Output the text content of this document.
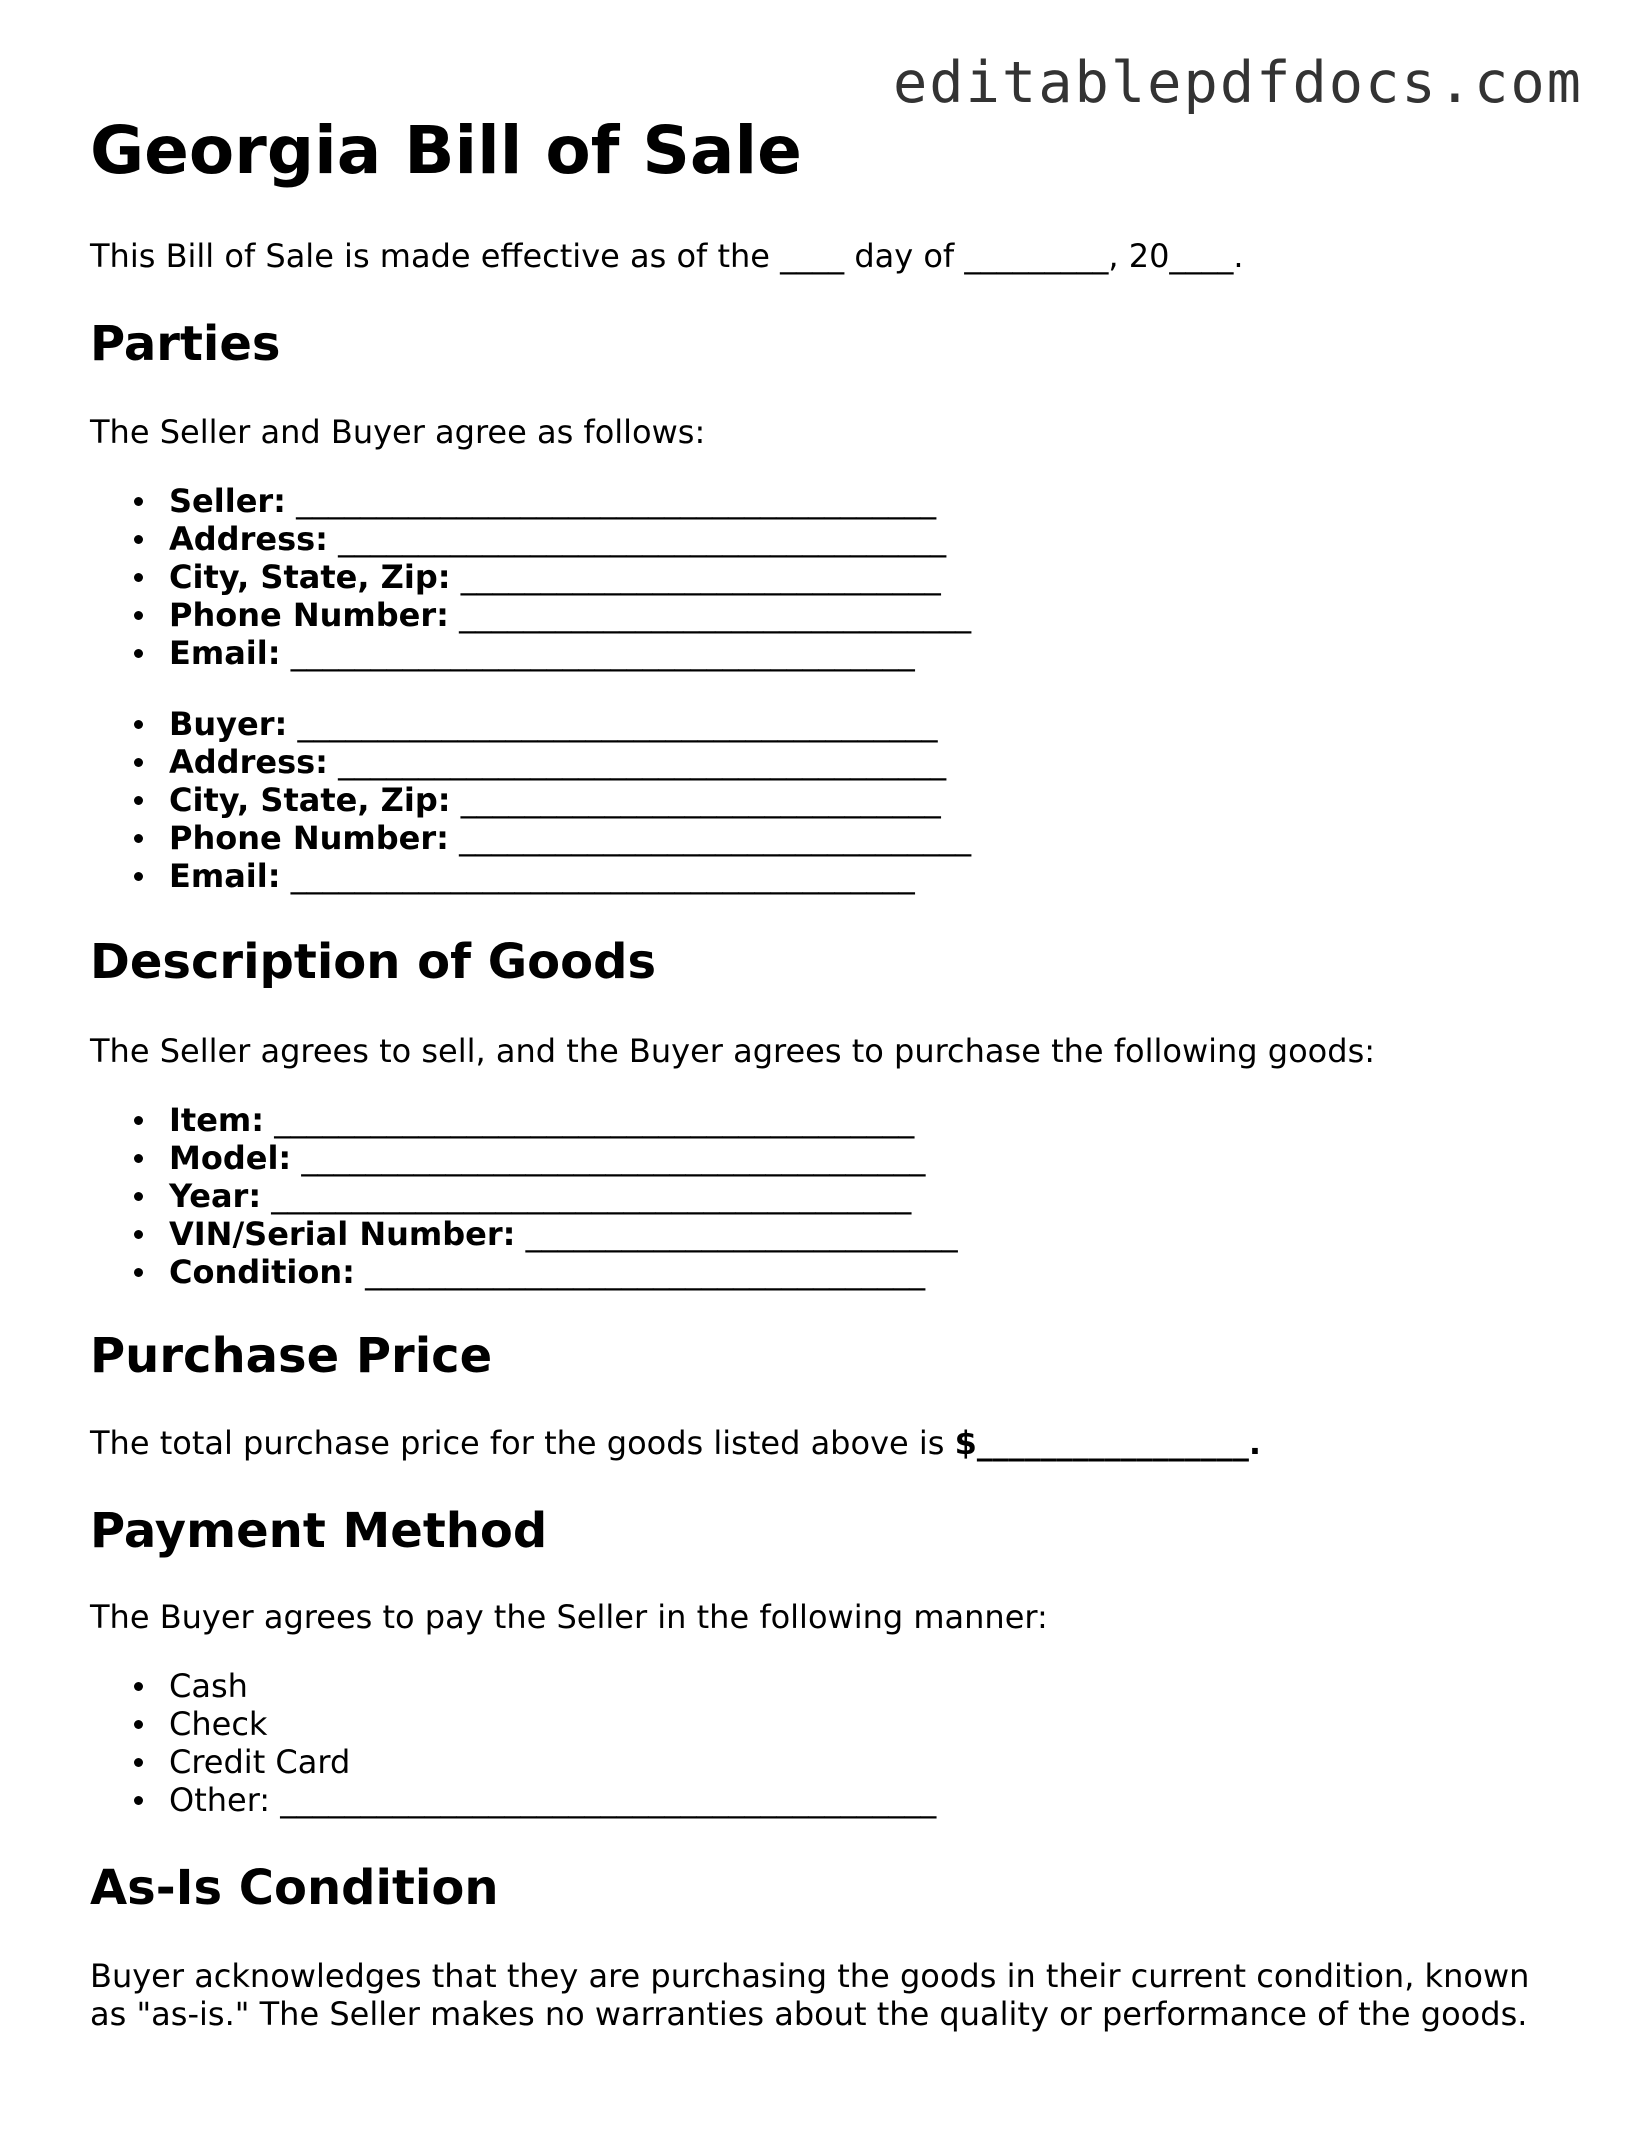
editablepdfdocs.com
Georgia Bill of Sale

This Bill of Sale is made effective as of the ____ day of _________, 20____.

Parties

The Seller and Buyer agree as follows:

Seller: ________________________________________
Address: ______________________________________
City, State, Zip: ______________________________
Phone Number: ________________________________
Email: _______________________________________
Buyer: ________________________________________
Address: ______________________________________
City, State, Zip: ______________________________
Phone Number: ________________________________
Email: _______________________________________
Description of Goods

The Seller agrees to sell, and the Buyer agrees to purchase the following goods:

Item: ________________________________________
Model: _______________________________________
Year: ________________________________________
VIN/Serial Number: ___________________________
Condition: ___________________________________
Purchase Price

The total purchase price for the goods listed above is $_________________.

Payment Method

The Buyer agrees to pay the Seller in the following manner:

Cash
Check
Credit Card
Other: _________________________________________
As-Is Condition

Buyer acknowledges that they are purchasing the goods in their current condition, known as "as-is." The Seller makes no warranties about the quality or performance of the goods.
